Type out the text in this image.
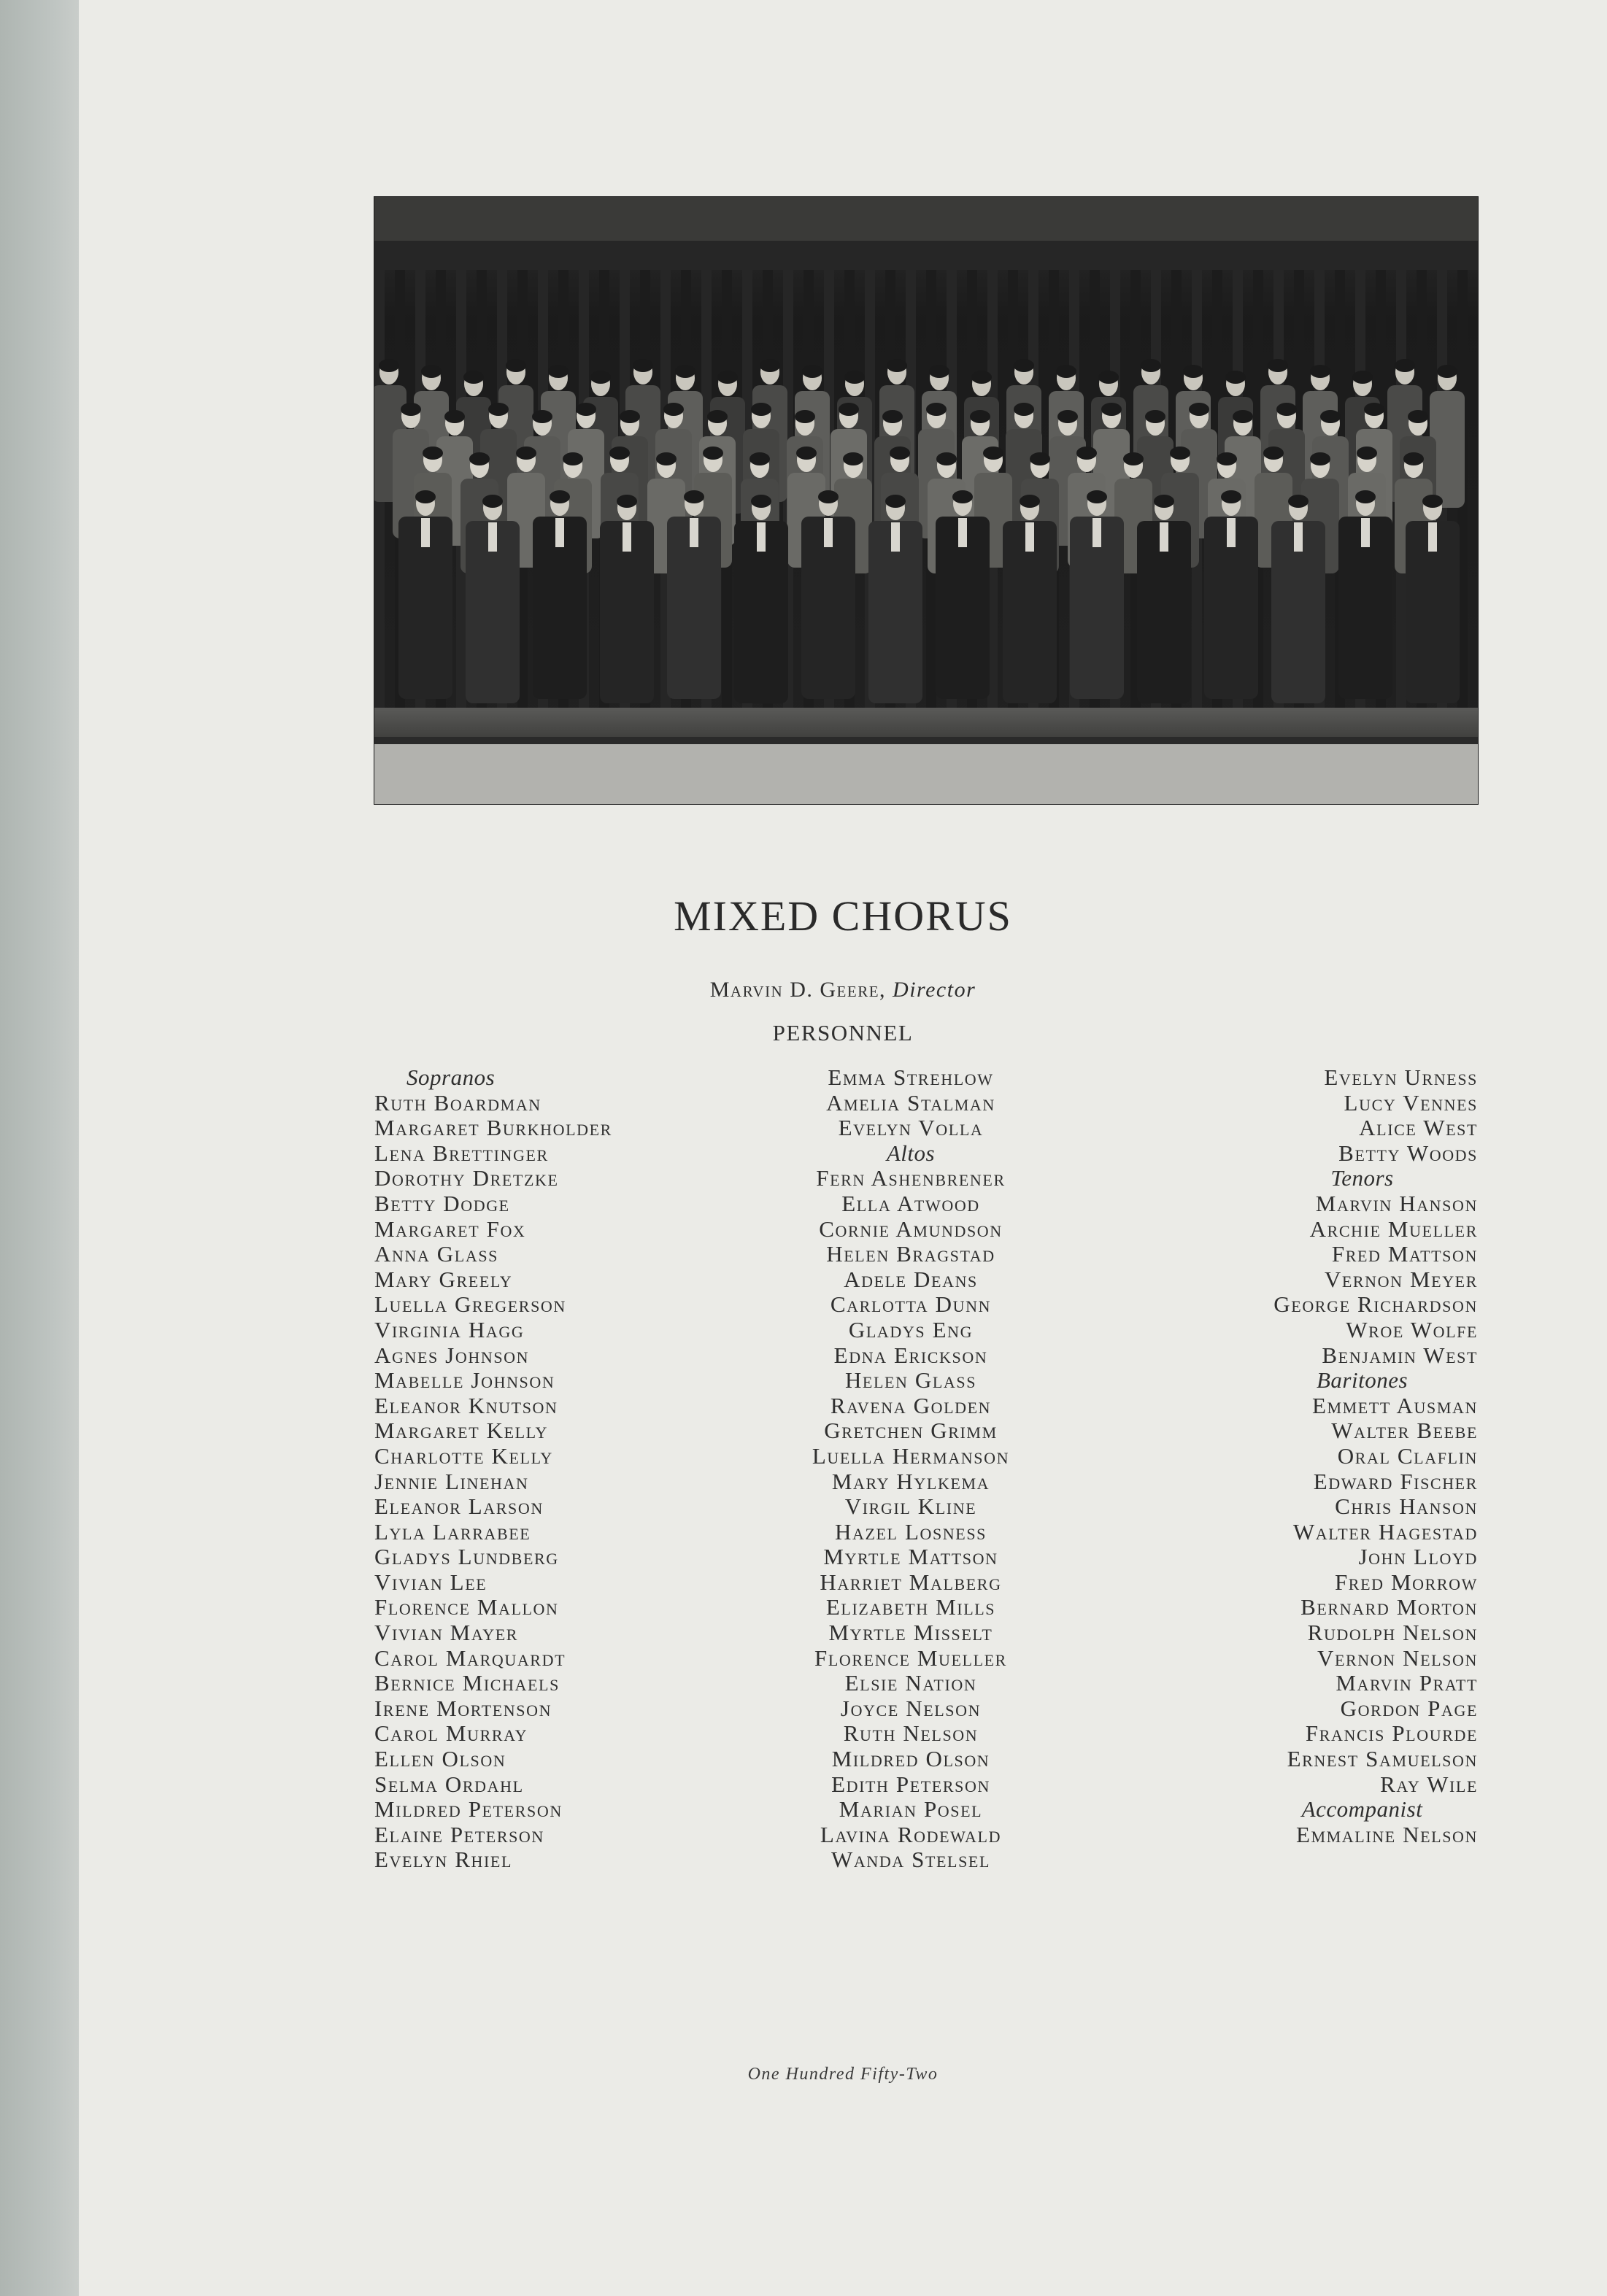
MIXED CHORUS
Marvin D. Geere, Director
PERSONNEL
Sopranos
Ruth Boardman
Margaret Burkholder
Lena Brettinger
Dorothy Dretzke
Betty Dodge
Margaret Fox
Anna Glass
Mary Greely
Luella Gregerson
Virginia Hagg
Agnes Johnson
Mabelle Johnson
Eleanor Knutson
Margaret Kelly
Charlotte Kelly
Jennie Linehan
Eleanor Larson
Lyla Larrabee
Gladys Lundberg
Vivian Lee
Florence Mallon
Vivian Mayer
Carol Marquardt
Bernice Michaels
Irene Mortenson
Carol Murray
Ellen Olson
Selma Ordahl
Mildred Peterson
Elaine Peterson
Evelyn Rhiel
Emma Strehlow
Amelia Stalman
Evelyn Volla
Altos
Fern Ashenbrener
Ella Atwood
Cornie Amundson
Helen Bragstad
Adele Deans
Carlotta Dunn
Gladys Eng
Edna Erickson
Helen Glass
Ravena Golden
Gretchen Grimm
Luella Hermanson
Mary Hylkema
Virgil Kline
Hazel Losness
Myrtle Mattson
Harriet Malberg
Elizabeth Mills
Myrtle Misselt
Florence Mueller
Elsie Nation
Joyce Nelson
Ruth Nelson
Mildred Olson
Edith Peterson
Marian Posel
Lavina Rodewald
Wanda Stelsel
Evelyn Urness
Lucy Vennes
Alice West
Betty Woods
Tenors
Marvin Hanson
Archie Mueller
Fred Mattson
Vernon Meyer
George Richardson
Wroe Wolfe
Benjamin West
Baritones
Emmett Ausman
Walter Beebe
Oral Claflin
Edward Fischer
Chris Hanson
Walter Hagestad
John Lloyd
Fred Morrow
Bernard Morton
Rudolph Nelson
Vernon Nelson
Marvin Pratt
Gordon Page
Francis Plourde
Ernest Samuelson
Ray Wile
Accompanist
Emmaline Nelson
One Hundred Fifty-Two
